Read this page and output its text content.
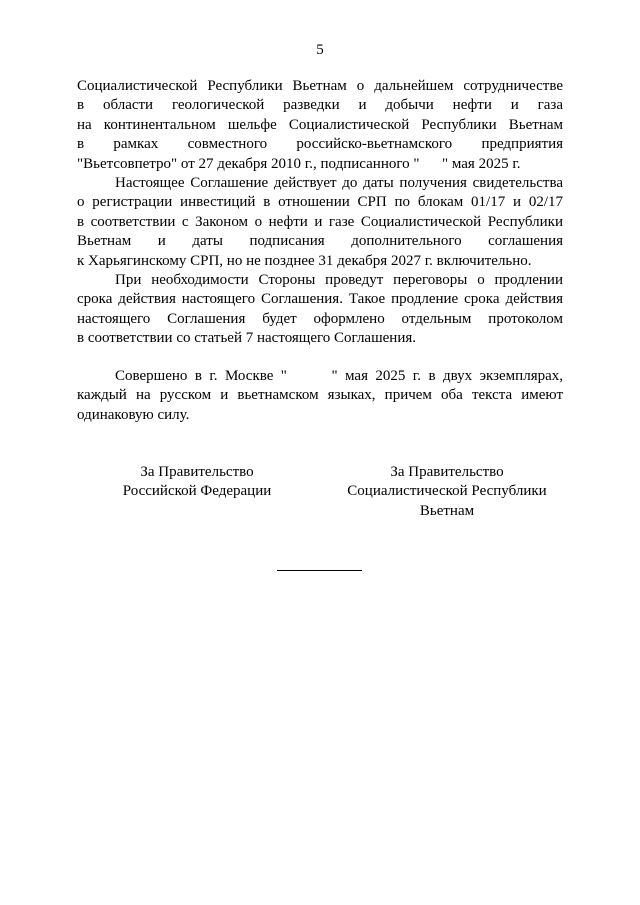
5
Социалистической Республики Вьетнам о дальнейшем сотрудничестве
в области геологической разведки и добычи нефти и газа
на континентальном шельфе Социалистической Республики Вьетнам
в рамках совместного российско-вьетнамского предприятия
"Вьетсовпетро" от 27 декабря 2010 г., подписанного "      " мая 2025 г.
Настоящее Соглашение действует до даты получения свидетельства
о регистрации инвестиций в отношении СРП по блокам 01/17 и 02/17
в соответствии с Законом о нефти и газе Социалистической Республики
Вьетнам и даты подписания дополнительного соглашения
к Харьягинскому СРП, но не позднее 31 декабря 2027 г. включительно.
При необходимости Стороны проведут переговоры о продлении
срока действия настоящего Соглашения. Такое продление срока действия
настоящего Соглашения будет оформлено отдельным протоколом
в соответствии со статьей 7 настоящего Соглашения.
Совершено в г. Москве "      " мая 2025 г. в двух экземплярах,
каждый на русском и вьетнамском языках, причем оба текста имеют
одинаковую силу.
За Правительство
Российской Федерации
За Правительство
Социалистической Республики
Вьетнам
